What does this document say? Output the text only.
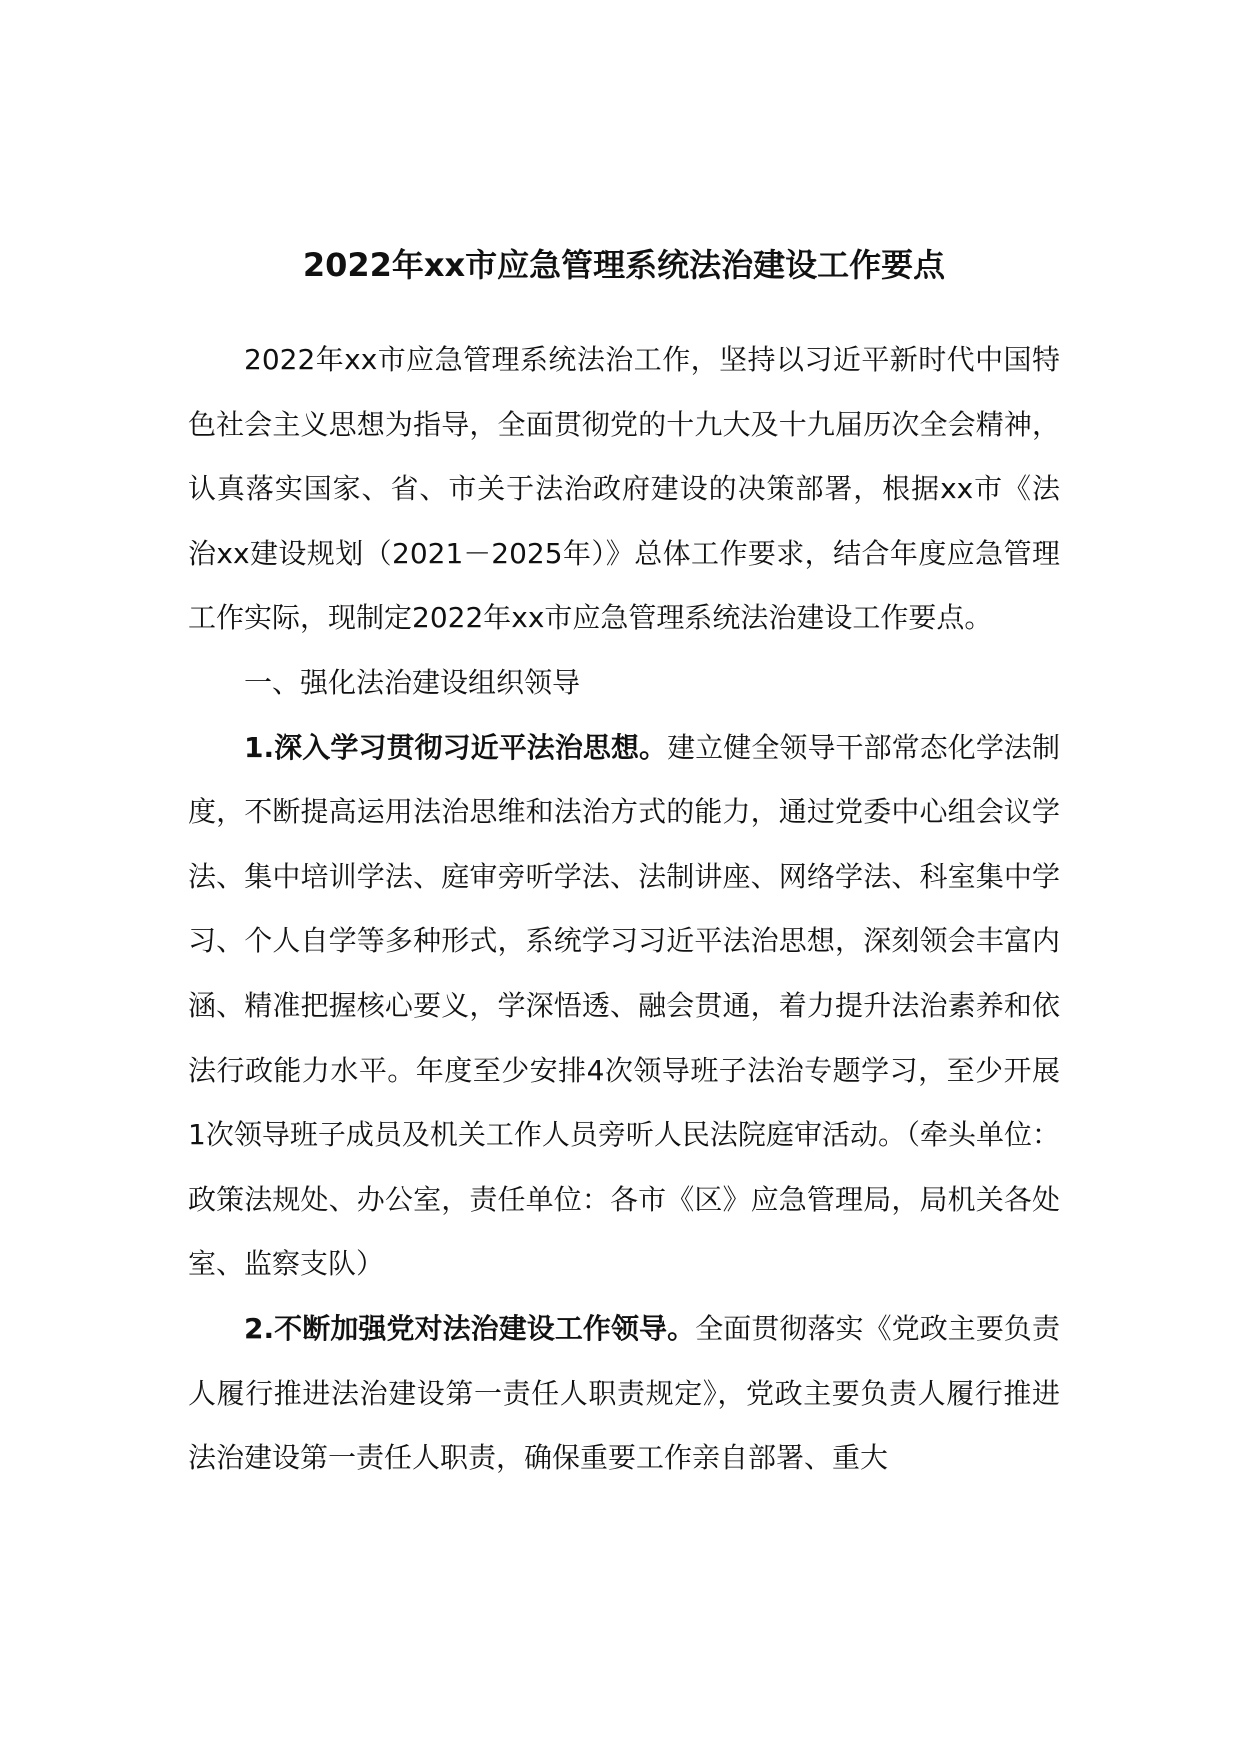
2022年xx市应急管理系统法治建设工作要点

2022年xx市应急管理系统法治工作，坚持以习近平新时代中国特色社会主义思想为指导，全面贯彻党的十九大及十九届历次全会精神，认真落实国家、省、市关于法治政府建设的决策部署，根据xx市《法治xx建设规划（2021－2025年）》总体工作要求，结合年度应急管理工作实际，现制定2022年xx市应急管理系统法治建设工作要点。

一、强化法治建设组织领导

1.深入学习贯彻习近平法治思想。建立健全领导干部常态化学法制度，不断提高运用法治思维和法治方式的能力，通过党委中心组会议学法、集中培训学法、庭审旁听学法、法制讲座、网络学法、科室集中学习、个人自学等多种形式，系统学习习近平法治思想，深刻领会丰富内涵、精准把握核心要义，学深悟透、融会贯通，着力提升法治素养和依法行政能力水平。年度至少安排4次领导班子法治专题学习，至少开展1次领导班子成员及机关工作人员旁听人民法院庭审活动。（牵头单位：政策法规处、办公室，责任单位：各市《区》应急管理局，局机关各处室、监察支队）

2.不断加强党对法治建设工作领导。全面贯彻落实《党政主要负责人履行推进法治建设第一责任人职责规定》，党政主要负责人履行推进法治建设第一责任人职责，确保重要工作亲自部署、重大
